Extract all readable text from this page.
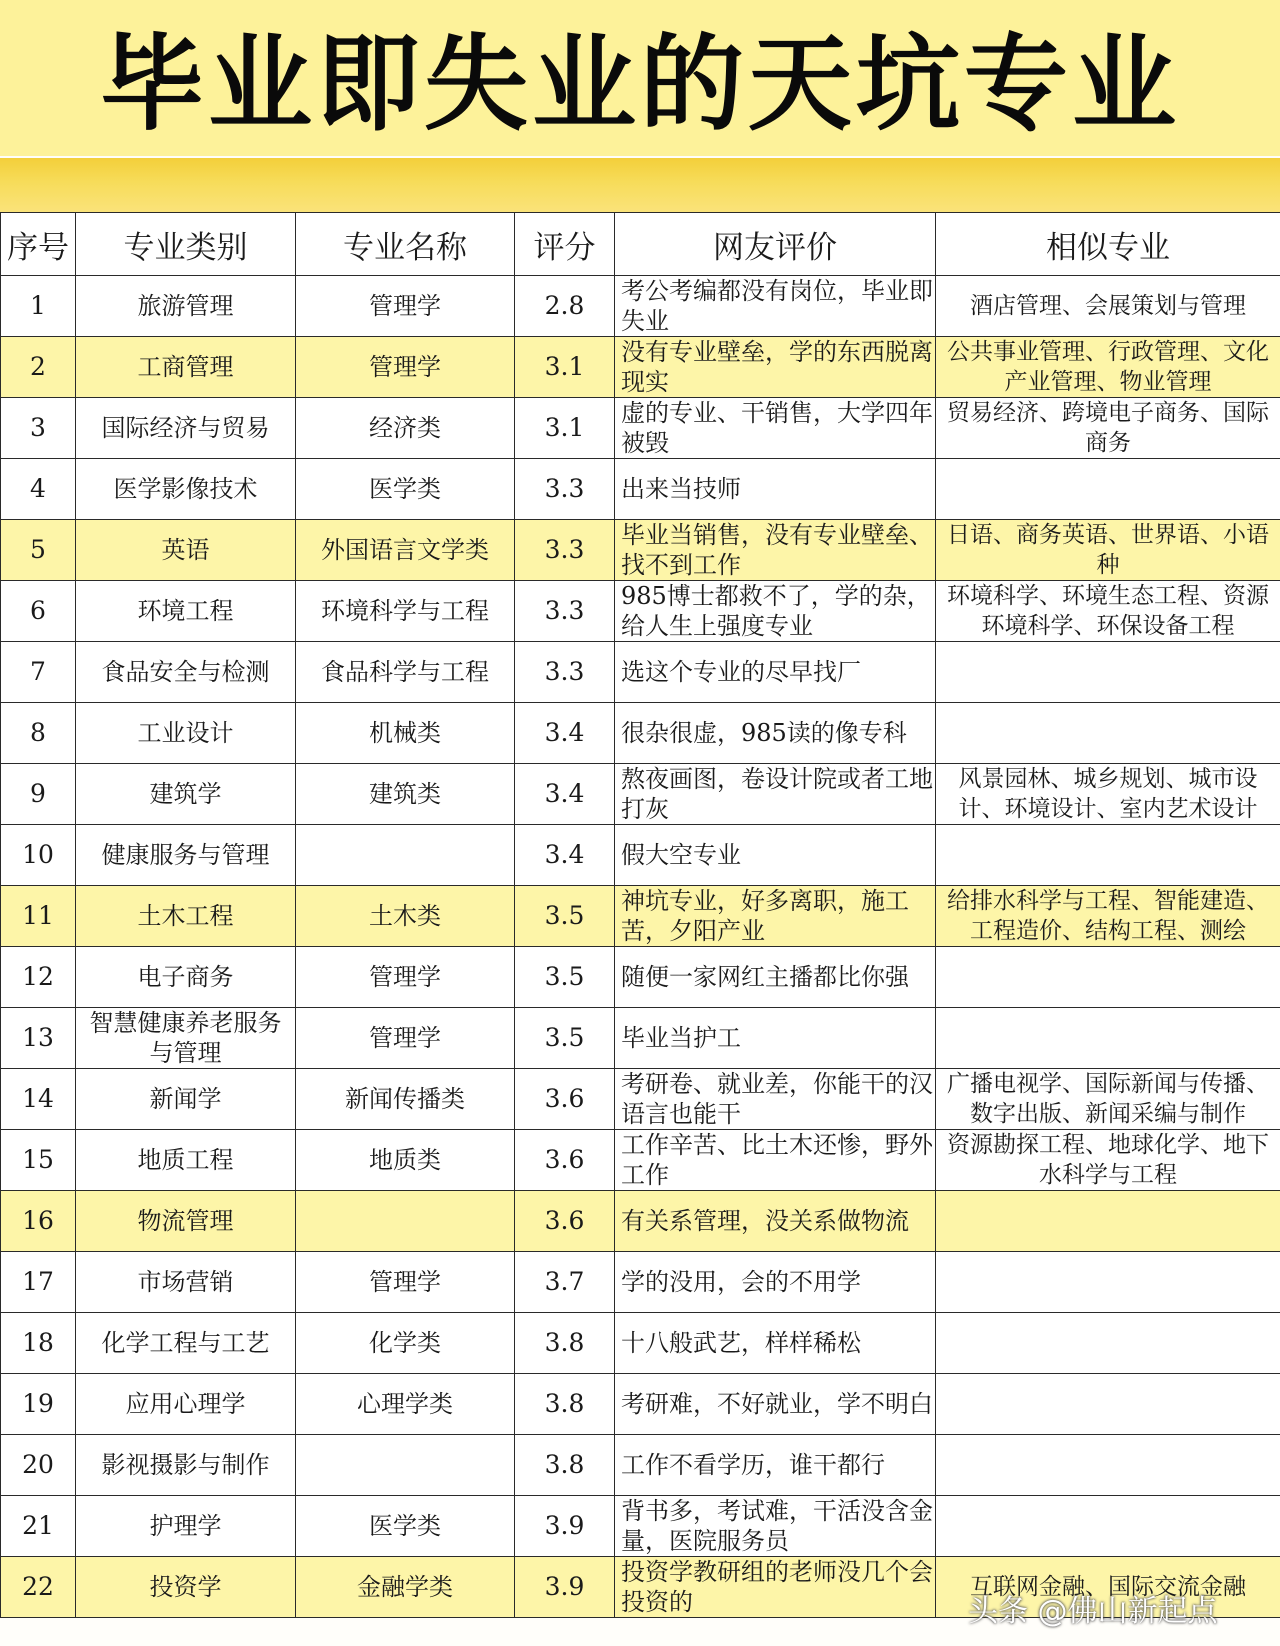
毕业即失业的天坑专业
序号	专业类别	专业名称	评分	网友评价	相似专业
1	旅游管理	管理学	2.8	考公考编都没有岗位，毕业即失业	酒店管理、会展策划与管理
2	工商管理	管理学	3.1	没有专业壁垒，学的东西脱离现实	公共事业管理、行政管理、文化产业管理、物业管理
3	国际经济与贸易	经济类	3.1	虚的专业、干销售，大学四年被毁	贸易经济、跨境电子商务、国际商务
4	医学影像技术	医学类	3.3	出来当技师	
5	英语	外国语言文学类	3.3	毕业当销售，没有专业壁垒、找不到工作	日语、商务英语、世界语、小语种
6	环境工程	环境科学与工程	3.3	985博士都救不了，学的杂，给人生上强度专业	环境科学、环境生态工程、资源环境科学、环保设备工程
7	食品安全与检测	食品科学与工程	3.3	选这个专业的尽早找厂	
8	工业设计	机械类	3.4	很杂很虚，985读的像专科	
9	建筑学	建筑类	3.4	熬夜画图，卷设计院或者工地打灰	风景园林、城乡规划、城市设计、环境设计、室内艺术设计
10	健康服务与管理		3.4	假大空专业	
11	土木工程	土木类	3.5	神坑专业，好多离职，施工苦，夕阳产业	给排水科学与工程、智能建造、工程造价、结构工程、测绘
12	电子商务	管理学	3.5	随便一家网红主播都比你强	
13	智慧健康养老服务与管理	管理学	3.5	毕业当护工	
14	新闻学	新闻传播类	3.6	考研卷、就业差，你能干的汉语言也能干	广播电视学、国际新闻与传播、数字出版、新闻采编与制作
15	地质工程	地质类	3.6	工作辛苦、比土木还惨，野外工作	资源勘探工程、地球化学、地下水科学与工程
16	物流管理		3.6	有关系管理，没关系做物流	
17	市场营销	管理学	3.7	学的没用，会的不用学	
18	化学工程与工艺	化学类	3.8	十八般武艺，样样稀松	
19	应用心理学	心理学类	3.8	考研难，不好就业，学不明白	
20	影视摄影与制作		3.8	工作不看学历，谁干都行	
21	护理学	医学类	3.9	背书多，考试难，干活没含金量，医院服务员	
22	投资学	金融学类	3.9	投资学教研组的老师没几个会投资的	互联网金融、国际交流金融
头条 @佛山新起点
